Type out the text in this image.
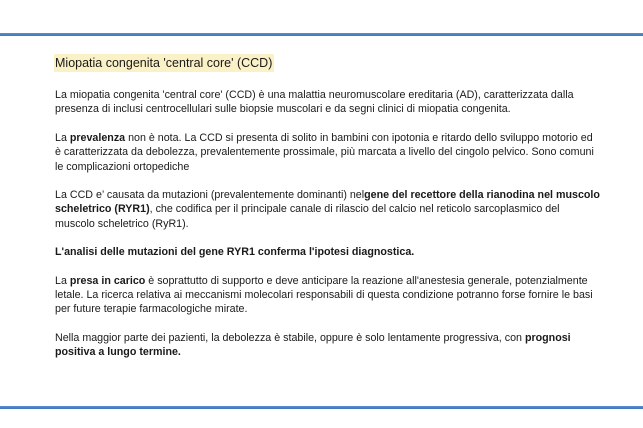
Miopatia congenita 'central core' (CCD)

La miopatia congenita 'central core' (CCD) è una malattia neuromuscolare ereditaria (AD), caratterizzata dalla presenza di inclusi centrocellulari sulle biopsie muscolari e da segni clinici di miopatia congenita.

La prevalenza non è nota. La CCD si presenta di solito in bambini con ipotonia e ritardo dello sviluppo motorio ed è caratterizzata da debolezza, prevalentemente prossimale, più marcata a livello del cingolo pelvico. Sono comuni le complicazioni ortopediche

La CCD e’ causata da mutazioni (prevalentemente dominanti) nelgene del recettore della rianodina nel muscolo scheletrico (RYR1), che codifica per il principale canale di rilascio del calcio nel reticolo sarcoplasmico del muscolo scheletrico (RyR1).

L'analisi delle mutazioni del gene RYR1 conferma l'ipotesi diagnostica.

La presa in carico è soprattutto di supporto e deve anticipare la reazione all'anestesia generale, potenzialmente letale. La ricerca relativa ai meccanismi molecolari responsabili di questa condizione potranno forse fornire le basi per future terapie farmacologiche mirate.

Nella maggior parte dei pazienti, la debolezza è stabile, oppure è solo lentamente progressiva, con prognosi positiva a lungo termine.
